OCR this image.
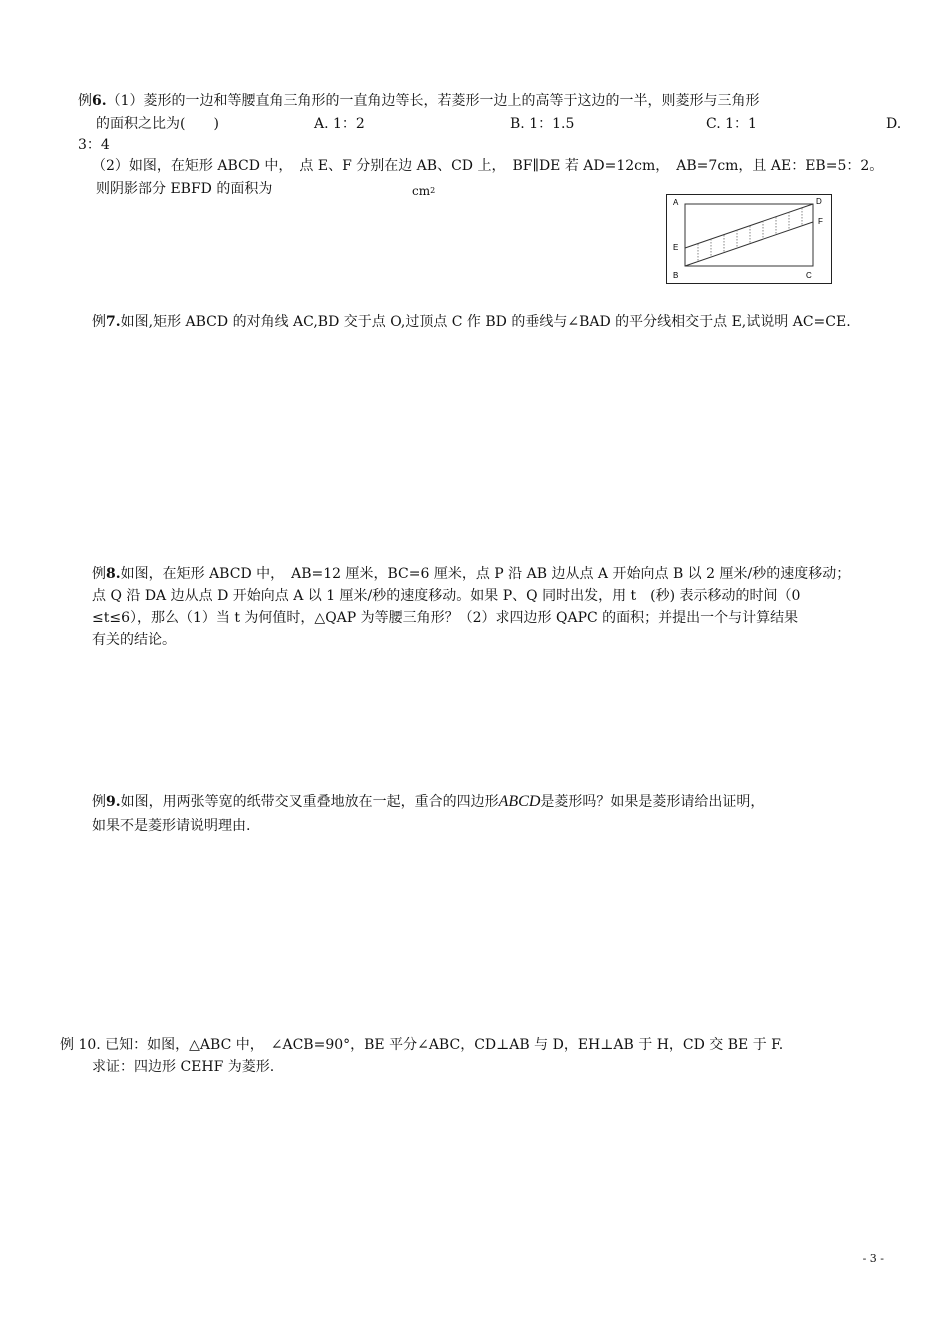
例6.（1）菱形的一边和等腰直角三角形的一直角边等长，若菱形一边上的高等于这边的一半，则菱形与三角形
的面积之比为(　　)	A. 1：2	B. 1：1.5	C. 1：1	D.
3：4
（2）如图，在矩形 ABCD 中，　点 E、F 分别在边 AB、CD 上，　BF∥DE 若 AD=12cm，　AB=7cm，且 AE：EB=5：2。
则阴影部分 EBFD 的面积为	$cm^2$
A	D
F
E
B	C
例7.如图,矩形 ABCD 的对角线 AC,BD 交于点 O,过顶点 C 作 BD 的垂线与∠BAD 的平分线相交于点 E,试说明 AC=CE.
例8.如图，在矩形 ABCD 中，　AB=12 厘米，BC=6 厘米，点 P 沿 AB 边从点 A 开始向点 B 以 2 厘米/秒的速度移动；
点 Q 沿 DA 边从点 D 开始向点 A 以 1 厘米/秒的速度移动。如果 P、Q 同时出发，用 t　(秒) 表示移动的时间（0
≤t≤6），那么（1）当 t 为何值时，△QAP 为等腰三角形？（2）求四边形 QAPC 的面积；并提出一个与计算结果
有关的结论。
例9.如图，用两张等宽的纸带交叉重叠地放在一起，重合的四边形ABCD是菱形吗？如果是菱形请给出证明，
如果不是菱形请说明理由.
例 10. 已知：如图，△ABC 中，　∠ACB=90°，BE 平分∠ABC，CD⊥AB 与 D，EH⊥AB 于 H，CD 交 BE 于 F.
求证：四边形 CEHF 为菱形.
- 3 -
